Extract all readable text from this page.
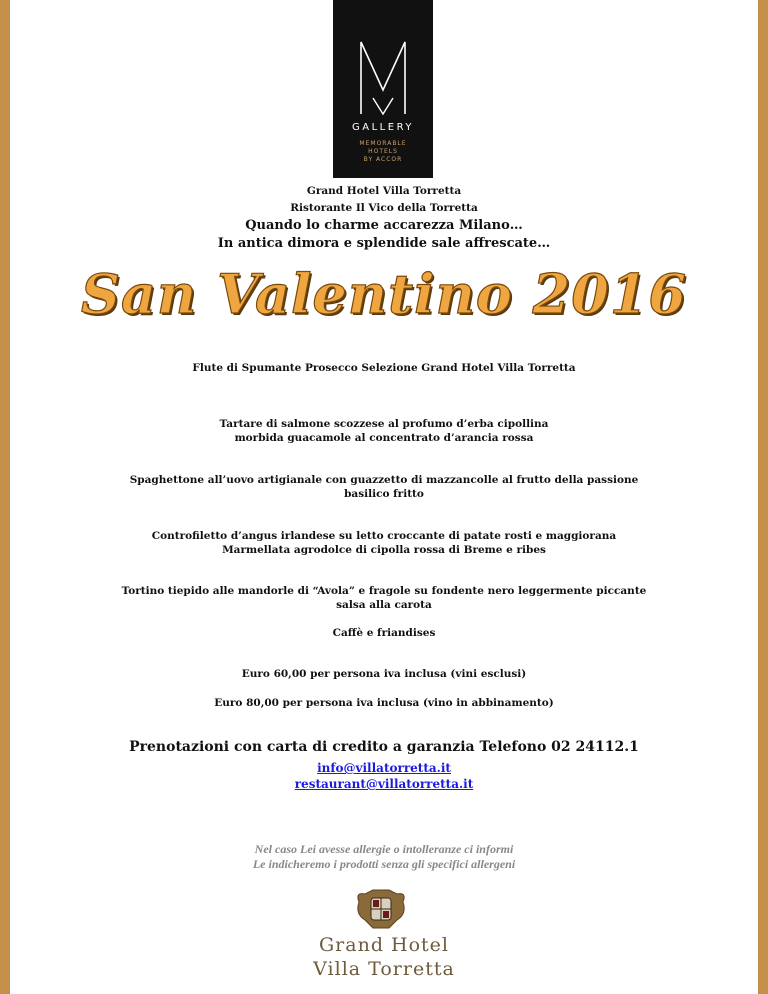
GALLERY
MEMORABLE
HOTELS
BY ACCOR
Grand Hotel Villa Torretta
Ristorante Il Vico della Torretta
Quando lo charme accarezza Milano…
In antica dimora e splendide sale affrescate…
San Valentino 2016
Flute di Spumante Prosecco Selezione Grand Hotel Villa Torretta
Tartare di salmone scozzese al profumo d’erba cipollina
morbida guacamole al concentrato d’arancia rossa
Spaghettone all’uovo artigianale con guazzetto di mazzancolle al frutto della passione
basilico fritto
Controfiletto d’angus irlandese su letto croccante di patate rosti e maggiorana
Marmellata agrodolce di cipolla rossa di Breme e ribes
Tortino tiepido alle mandorle di “Avola” e fragole su fondente nero leggermente piccante
salsa alla carota
Caffè e friandises
Euro 60,00 per persona iva inclusa (vini esclusi)
Euro 80,00 per persona iva inclusa (vino in abbinamento)
Prenotazioni con carta di credito a garanzia Telefono 02 24112.1
info@villatorretta.it
restaurant@villatorretta.it
Nel caso Lei avesse allergie o intolleranze ci informi
Le indicheremo i prodotti senza gli specifici allergeni
Grand Hotel
Villa Torretta
